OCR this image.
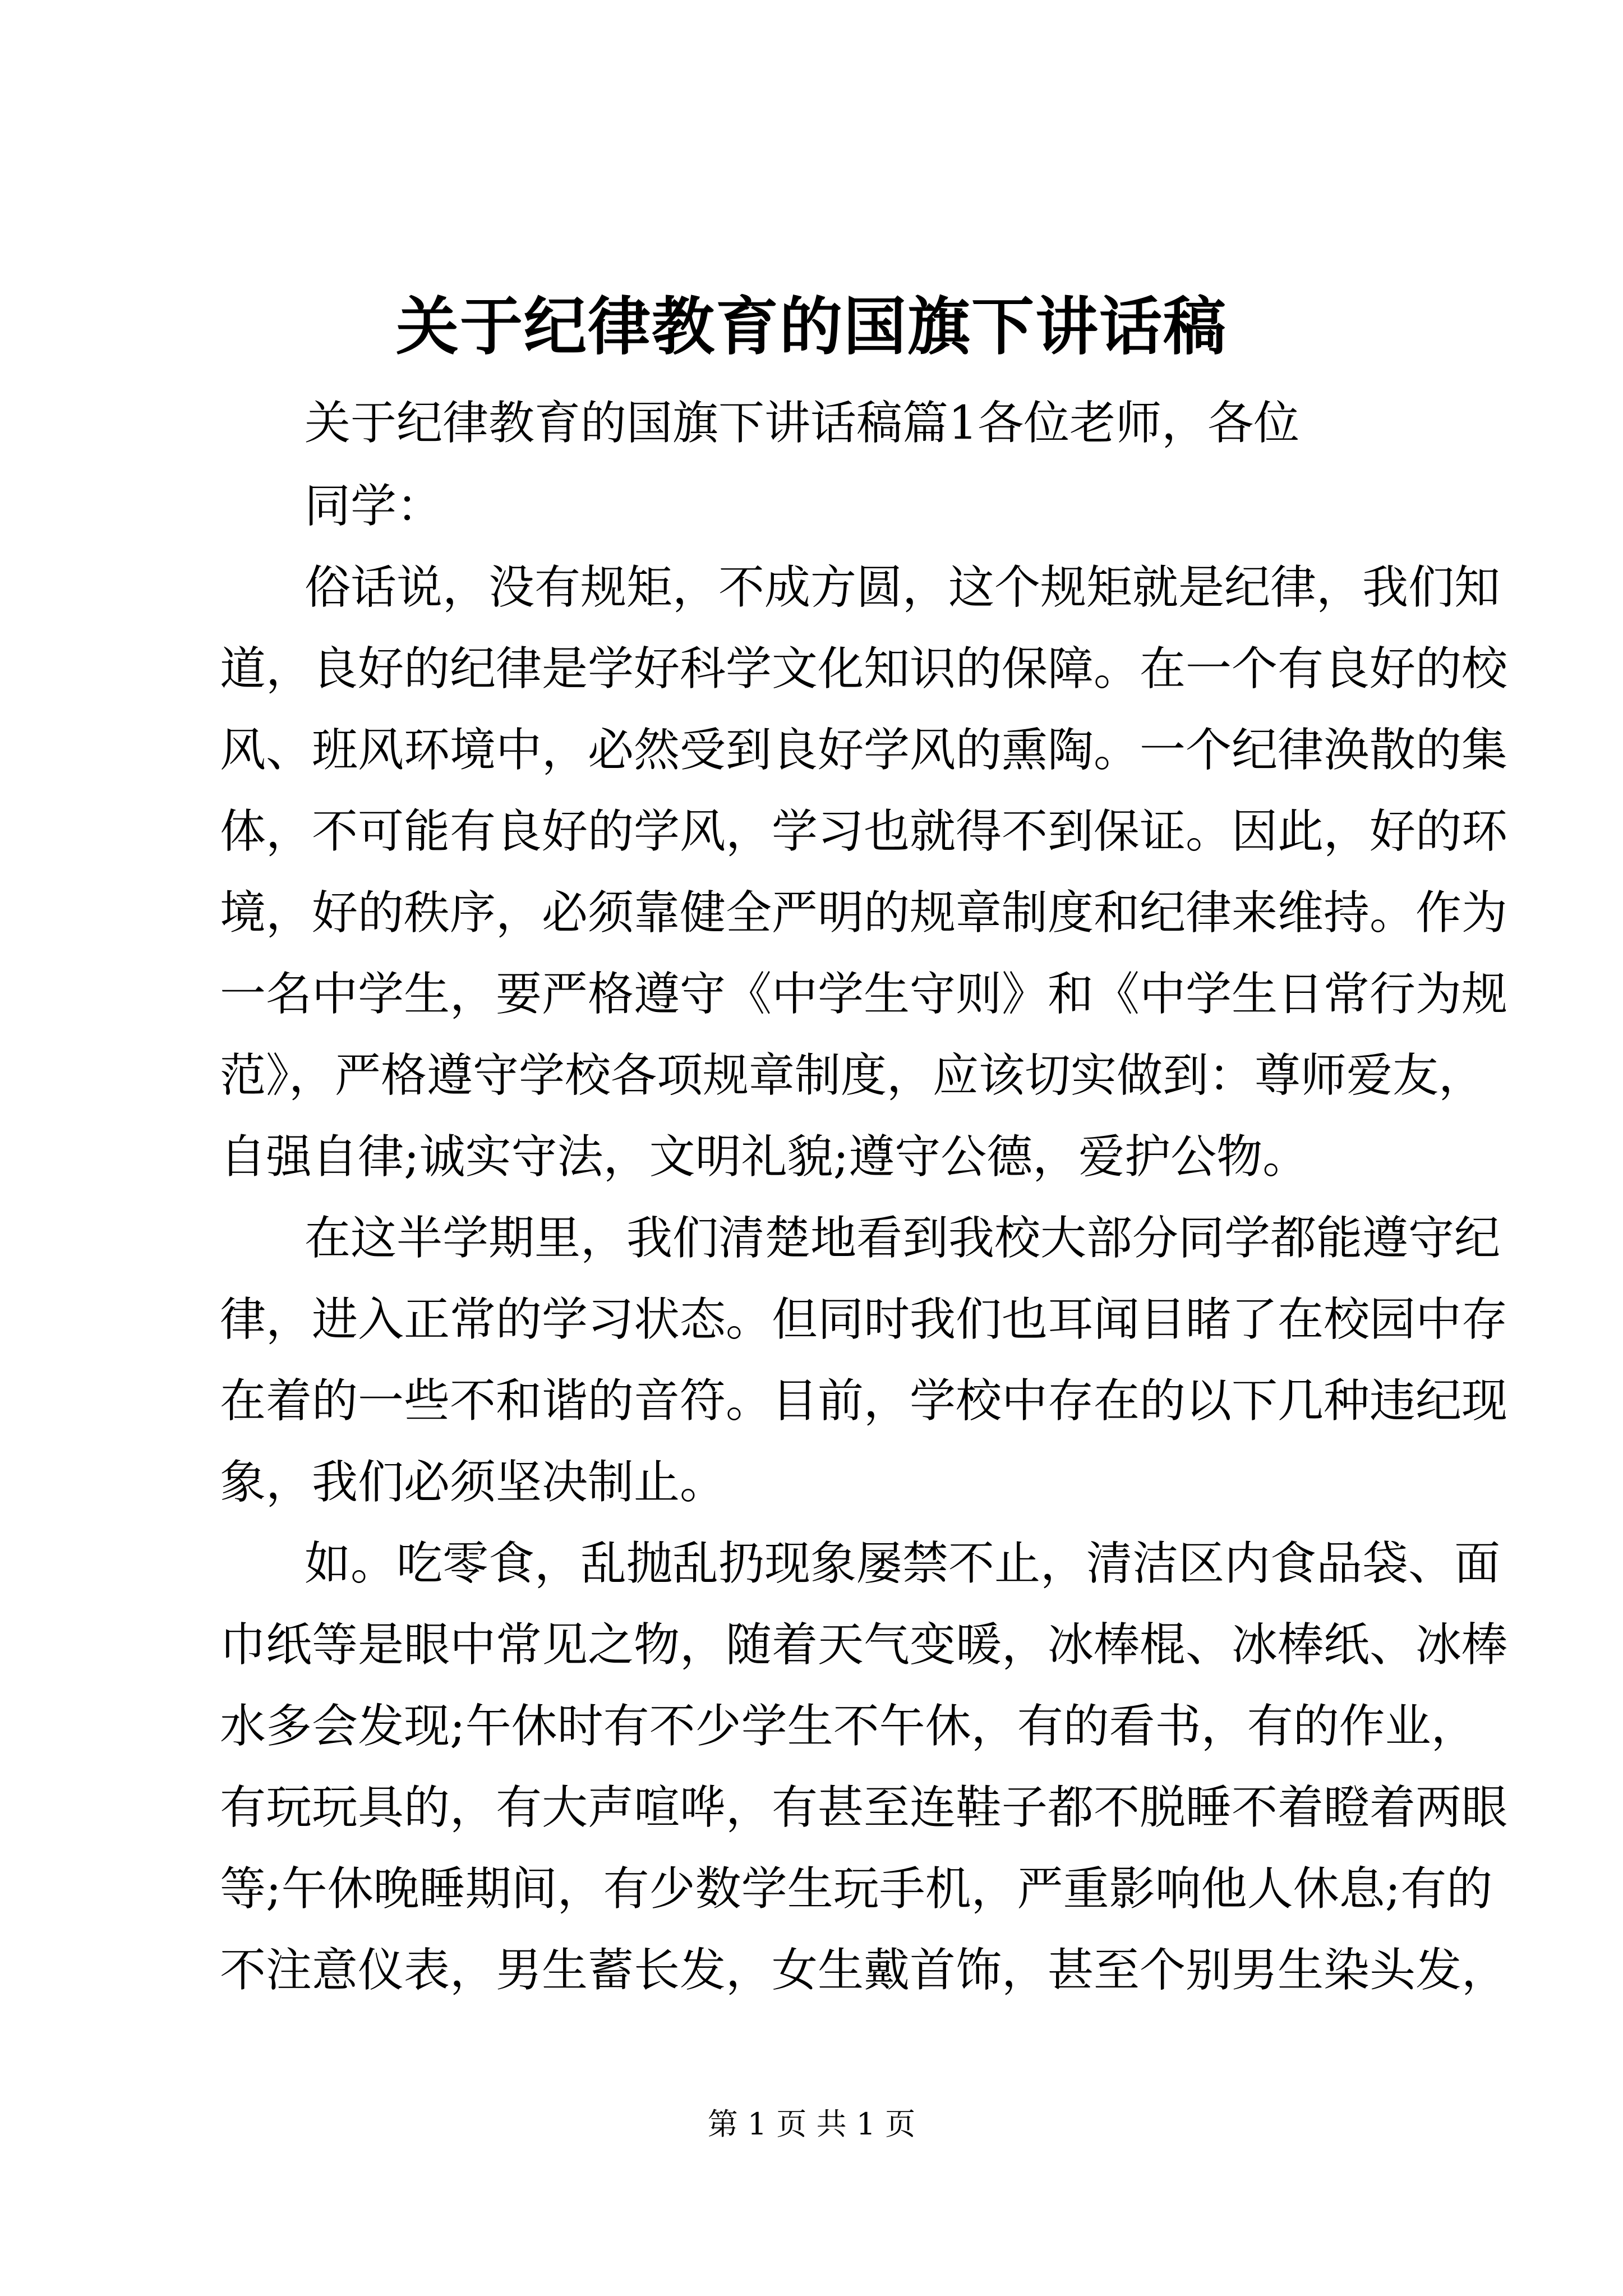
关于纪律教育的国旗下讲话稿
关于纪律教育的国旗下讲话稿篇1各位老师，各位
同学：
俗话说，没有规矩，不成方圆，这个规矩就是纪律，我们知
道，良好的纪律是学好科学文化知识的保障。在一个有良好的校
风、班风环境中，必然受到良好学风的熏陶。一个纪律涣散的集
体，不可能有良好的学风，学习也就得不到保证。因此，好的环
境，好的秩序，必须靠健全严明的规章制度和纪律来维持。作为
一名中学生，要严格遵守《中学生守则》和《中学生日常行为规
范》，严格遵守学校各项规章制度，应该切实做到：尊师爱友，
自强自律;诚实守法，文明礼貌;遵守公德，爱护公物。
在这半学期里，我们清楚地看到我校大部分同学都能遵守纪
律，进入正常的学习状态。但同时我们也耳闻目睹了在校园中存
在着的一些不和谐的音符。目前，学校中存在的以下几种违纪现
象，我们必须坚决制止。
如。吃零食，乱抛乱扔现象屡禁不止，清洁区内食品袋、面
巾纸等是眼中常见之物，随着天气变暖，冰棒棍、冰棒纸、冰棒
水多会发现;午休时有不少学生不午休，有的看书，有的作业，
有玩玩具的，有大声喧哗，有甚至连鞋子都不脱睡不着瞪着两眼
等;午休晚睡期间，有少数学生玩手机，严重影响他人休息;有的
不注意仪表，男生蓄长发，女生戴首饰，甚至个别男生染头发，
第 1 页 共 1 页
